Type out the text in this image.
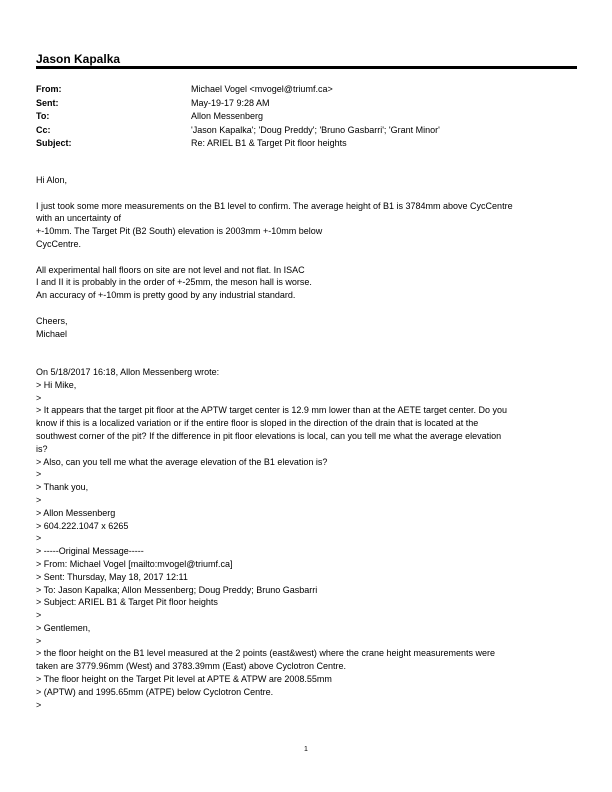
Jason Kapalka
From:	Michael Vogel <mvogel@triumf.ca>
Sent:	May-19-17 9:28 AM
To:	Allon Messenberg
Cc:	'Jason Kapalka'; 'Doug Preddy'; 'Bruno Gasbarri'; 'Grant Minor'
Subject:	Re: ARIEL B1 & Target Pit floor heights
Hi Alon,
I just took some more measurements on the B1 level to confirm. The average height of B1 is 3784mm above CycCentre
with an uncertainty of
+-10mm. The Target Pit (B2 South) elevation is 2003mm +-10mm below
CycCentre.
All experimental hall floors on site are not level and not flat. In ISAC
I and II it is probably in the order of +-25mm, the meson hall is worse.
An accuracy of +-10mm is pretty good by any industrial standard.
Cheers,
Michael
On 5/18/2017 16:18, Allon Messenberg wrote:
> Hi Mike,
>
> It appears that the target pit floor at the APTW target center is 12.9 mm lower than at the AETE target center. Do you
know if this is a localized variation or if the entire floor is sloped in the direction of the drain that is located at the
southwest corner of the pit? If the difference in pit floor elevations is local, can you tell me what the average elevation
is?
> Also, can you tell me what the average elevation of the B1 elevation is?
>
> Thank you,
>
> Allon Messenberg
> 604.222.1047 x 6265
>
> -----Original Message-----
> From: Michael Vogel [mailto:mvogel@triumf.ca]
> Sent: Thursday, May 18, 2017 12:11
> To: Jason Kapalka; Allon Messenberg; Doug Preddy; Bruno Gasbarri
> Subject: ARIEL B1 & Target Pit floor heights
>
> Gentlemen,
>
> the floor height on the B1 level measured at the 2 points (east&west) where the crane height measurements were
taken are 3779.96mm (West) and 3783.39mm (East) above Cyclotron Centre.
> The floor height on the Target Pit level at APTE & ATPW are 2008.55mm
> (APTW) and 1995.65mm (ATPE) below Cyclotron Centre.
>
1
